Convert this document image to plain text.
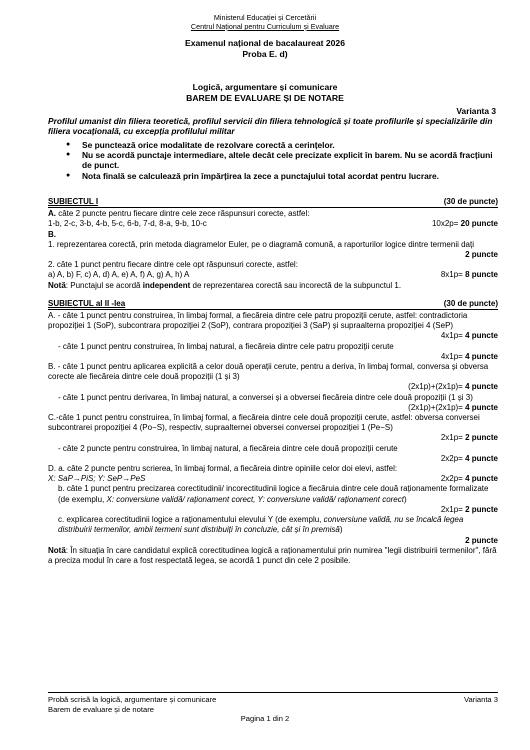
Ministerul Educației și Cercetării
Centrul Național pentru Curriculum și Evaluare
Examenul național de bacalaureat 2026
Proba E. d)
Logică, argumentare și comunicare
BAREM DE EVALUARE ȘI DE NOTARE
Varianta 3
Profilul umanist din filiera teoretică, profilul servicii din filiera tehnologică și toate profilurile și specializările din filiera vocațională, cu excepția profilului militar
● Se punctează orice modalitate de rezolvare corectă a cerințelor.
● Nu se acordă punctaje intermediare, altele decât cele precizate explicit în barem. Nu se acordă fracțiuni de punct.
● Nota finală se calculează prin împărțirea la zece a punctajului total acordat pentru lucrare.
SUBIECTUL I	(30 de puncte)
A. câte 2 puncte pentru fiecare dintre cele zece răspunsuri corecte, astfel:
1-b, 2-c, 3-b, 4-b, 5-c, 6-b, 7-d, 8-a, 9-b, 10-c	10x2p= 20 puncte
B.
1. reprezentarea corectă, prin metoda diagramelor Euler, pe o diagramă comună, a raporturilor logice dintre termenii dați
2 puncte
2. câte 1 punct pentru fiecare dintre cele opt răspunsuri corecte, astfel:
a) A, b) F, c) A, d) A, e) A, f) A, g) A, h) A	8x1p= 8 puncte
Notă: Punctajul se acordă independent de reprezentarea corectă sau incorectă de la subpunctul 1.
SUBIECTUL al II -lea	(30 de puncte)
A. - câte 1 punct pentru construirea, în limbaj formal, a fiecăreia dintre cele patru propoziții cerute, astfel: contradictoria propoziției 1 (SoP), subcontrara propoziției 2 (SoP), contrara propoziției 3 (SaP) și supraalterna propoziției 4 (SeP)
4x1p= 4 puncte
- câte 1 punct pentru construirea, în limbaj natural, a fiecăreia dintre cele patru propoziții cerute
4x1p= 4 puncte
B. - câte 1 punct pentru aplicarea explicită a celor două operații cerute, pentru a deriva, în limbaj formal, conversa și obversa corecte ale fiecăreia dintre cele două propoziții (1 și 3)
(2x1p)+(2x1p)= 4 puncte
- câte 1 punct pentru derivarea, în limbaj natural, a conversei și a obversei fiecăreia dintre cele două propoziții (1 și 3)
(2x1p)+(2x1p)= 4 puncte
C.-câte 1 punct pentru construirea, în limbaj formal, a fiecăreia dintre cele două propoziții cerute, astfel: obversa conversei subcontrarei propoziției 4 (Po−S), respectiv, supraalternei obversei conversei propoziției 1 (Pe−S)
2x1p= 2 puncte
- câte 2 puncte pentru construirea, în limbaj natural, a fiecăreia dintre cele două propoziții cerute
2x2p= 4 puncte
D. a. câte 2 puncte pentru scrierea, în limbaj formal, a fiecăreia dintre opiniile celor doi elevi, astfel:
X: SaP→PiS; Y: SeP→PeS	2x2p= 4 puncte
b. câte 1 punct pentru precizarea corectitudinii/ incorectitudinii logice a fiecăruia dintre cele două raționamente formalizate (de exemplu, X: conversiune validă/ raționament corect, Y: conversiune validă/ raționament corect)
2x1p= 2 puncte
c. explicarea corectitudinii logice a raționamentului elevului Y (de exemplu, conversiune validă, nu se încalcă legea distribuirii termenilor, ambii termeni sunt distribuiți în concluzie, cât și în premisă)
2 puncte
Notă: În situația în care candidatul explică corectitudinea logică a raționamentului prin numirea "legii distribuirii termenilor", fără a preciza modul în care a fost respectată legea, se acordă 1 punct din cele 2 posibile.
Probă scrisă la logică, argumentare și comunicare	Varianta 3
Barem de evaluare și de notare
Pagina 1 din 2
